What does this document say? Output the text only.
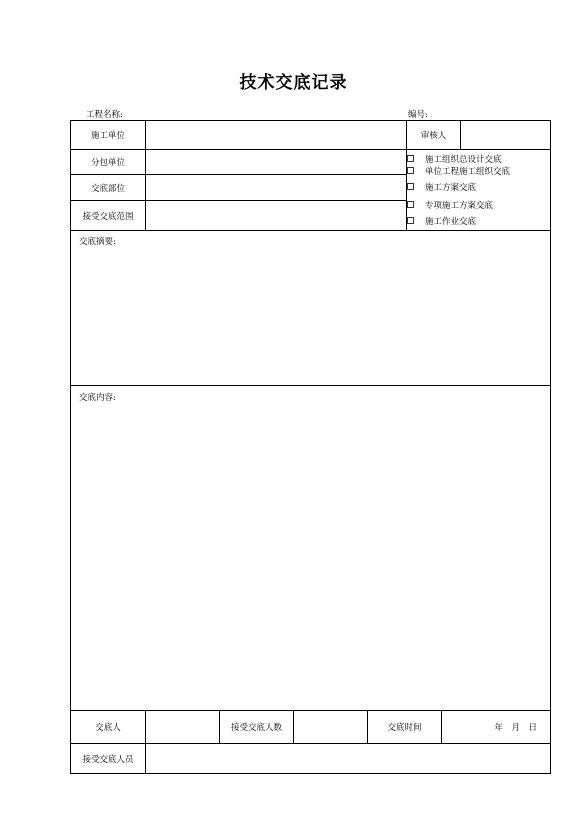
技术交底记录
工程名称:	编号:
施工单位	审核人
分包单位
交底部位
接受交底范围
施工组织总设计交底
单位工程施工组织交底
施工方案交底
专项施工方案交底
施工作业交底
交底摘要:
交底内容:
交底人	接受交底人数	交底时间	年　月　日
接受交底人员
